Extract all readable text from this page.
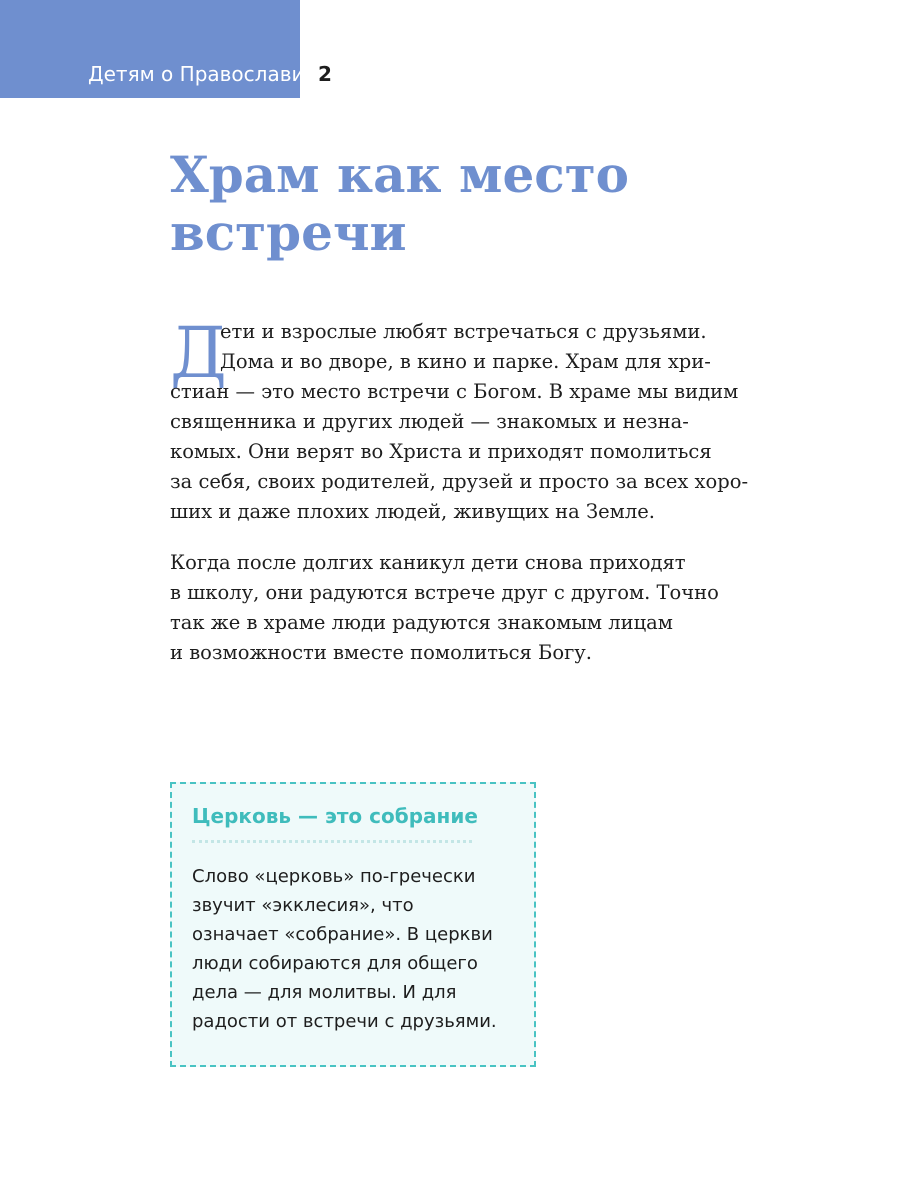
Детям о Православии 2
Храм как место
встречи
Д
ети и взрослые любят встречаться с друзьями.
Дома и во дворе, в кино и парке. Храм для хри-
стиан — это место встречи с Богом. В храме мы видим
священника и других людей — знакомых и незна-
комых. Они верят во Христа и приходят помолиться
за себя, своих родителей, друзей и просто за всех хоро-
ших и даже плохих людей, живущих на Земле.
Когда после долгих каникул дети снова приходят
в школу, они радуются встрече друг с другом. Точно
так же в храме люди радуются знакомым лицам
и возможности вместе помолиться Богу.
Церковь — это собрание
Слово «церковь» по-гречески
звучит «экклесия», что
означает «собрание». В церкви
люди собираются для общего
дела — для молитвы. И для
радости от встречи с друзьями.
